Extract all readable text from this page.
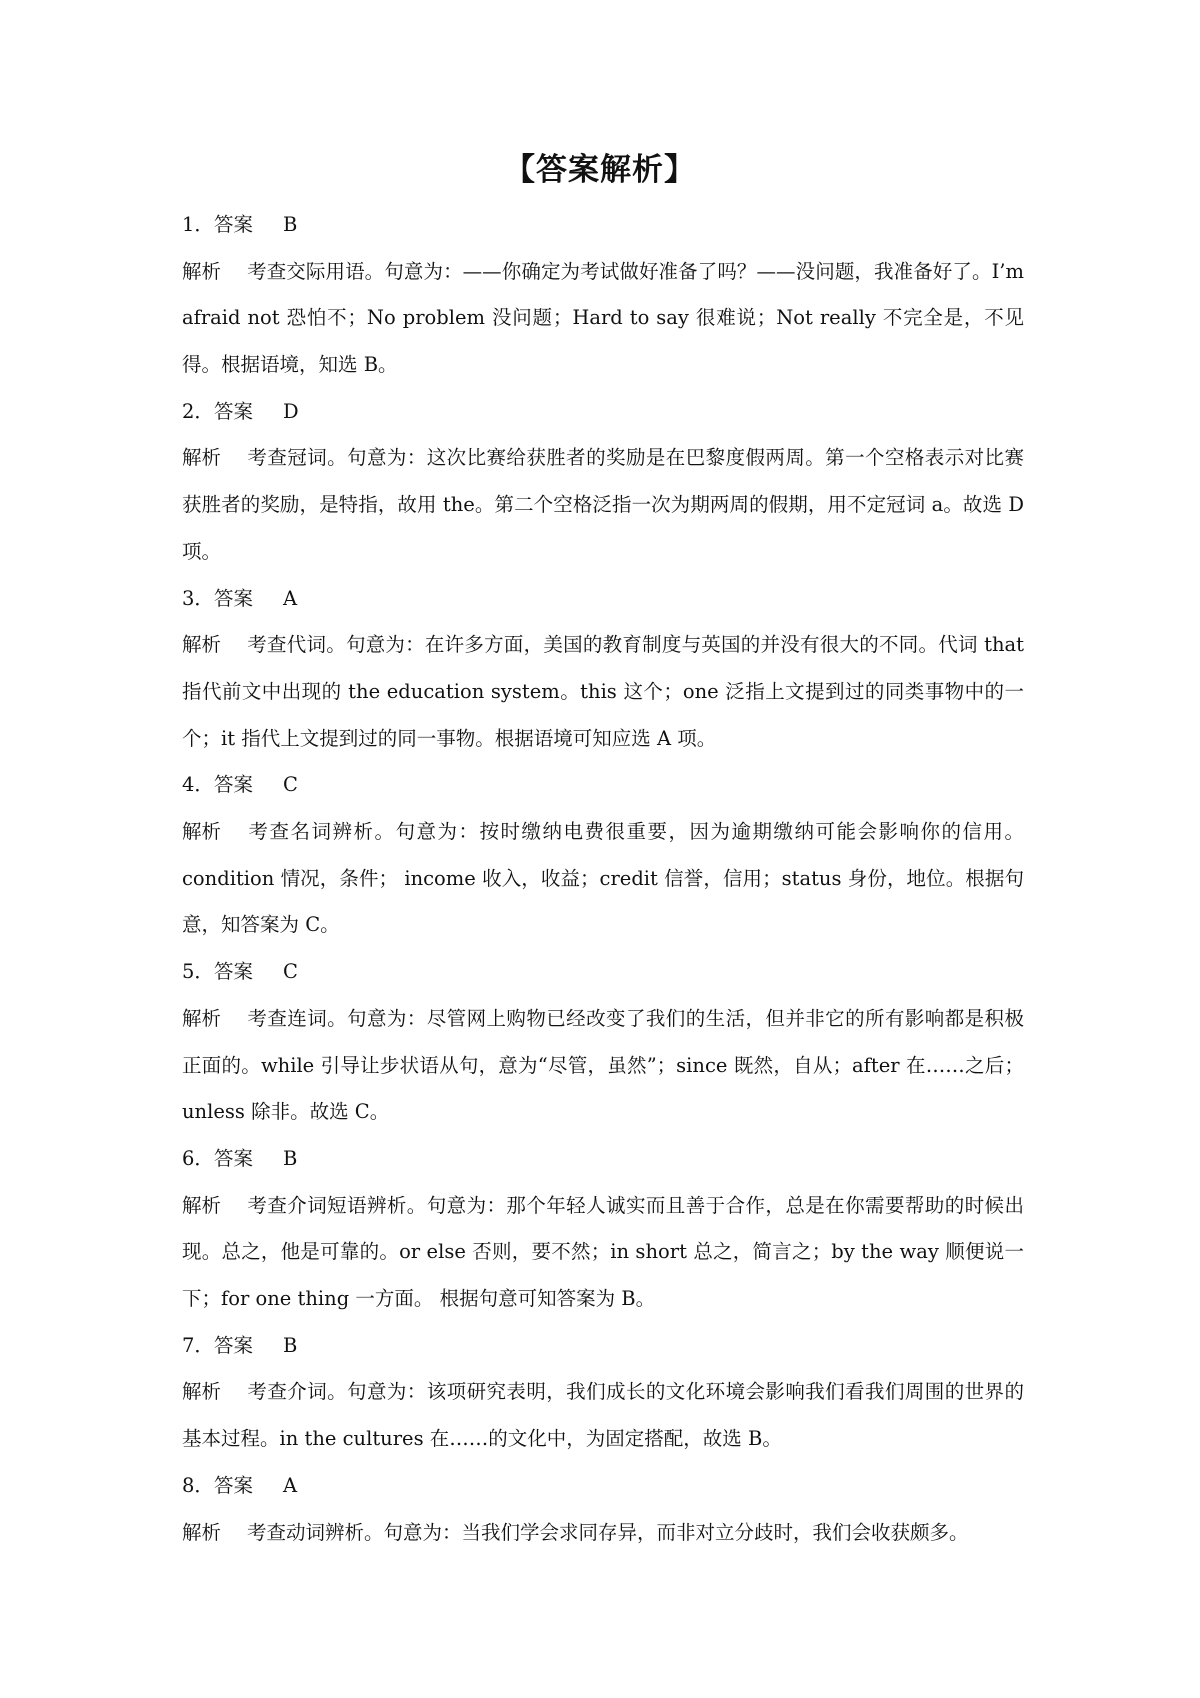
【答案解析】
1．答案 B

解析 考查交际用语。句意为：——你确定为考试做好准备了吗？——没问题，我准备好了。I’m afraid not 恐怕不；No problem 没问题；Hard to say 很难说；Not really 不完全是，不见得。根据语境，知选 B。

2．答案 D

解析 考查冠词。句意为：这次比赛给获胜者的奖励是在巴黎度假两周。第一个空格表示对比赛获胜者的奖励，是特指，故用 the。第二个空格泛指一次为期两周的假期，用不定冠词 a。故选 D 项。

3．答案 A

解析 考查代词。句意为：在许多方面，美国的教育制度与英国的并没有很大的不同。代词 that 指代前文中出现的 the education system。this 这个；one 泛指上文提到过的同类事物中的一个；it 指代上文提到过的同一事物。根据语境可知应选 A 项。

4．答案 C

解析 考查名词辨析。句意为：按时缴纳电费很重要，因为逾期缴纳可能会影响你的信用。condition 情况，条件； income 收入，收益；credit 信誉，信用；status 身份，地位。根据句意，知答案为 C。

5．答案 C

解析 考查连词。句意为：尽管网上购物已经改变了我们的生活，但并非它的所有影响都是积极正面的。while 引导让步状语从句，意为“尽管，虽然”；since 既然，自从；after 在……之后；unless 除非。故选 C。

6．答案 B

解析 考查介词短语辨析。句意为：那个年轻人诚实而且善于合作，总是在你需要帮助的时候出现。总之，他是可靠的。or else 否则，要不然；in short 总之，简言之；by the way 顺便说一下；for one thing 一方面。 根据句意可知答案为 B。

7．答案 B

解析 考查介词。句意为：该项研究表明，我们成长的文化环境会影响我们看我们周围的世界的基本过程。in the cultures 在……的文化中，为固定搭配，故选 B。

8．答案 A

解析 考查动词辨析。句意为：当我们学会求同存异，而非对立分歧时，我们会收获颇多。
